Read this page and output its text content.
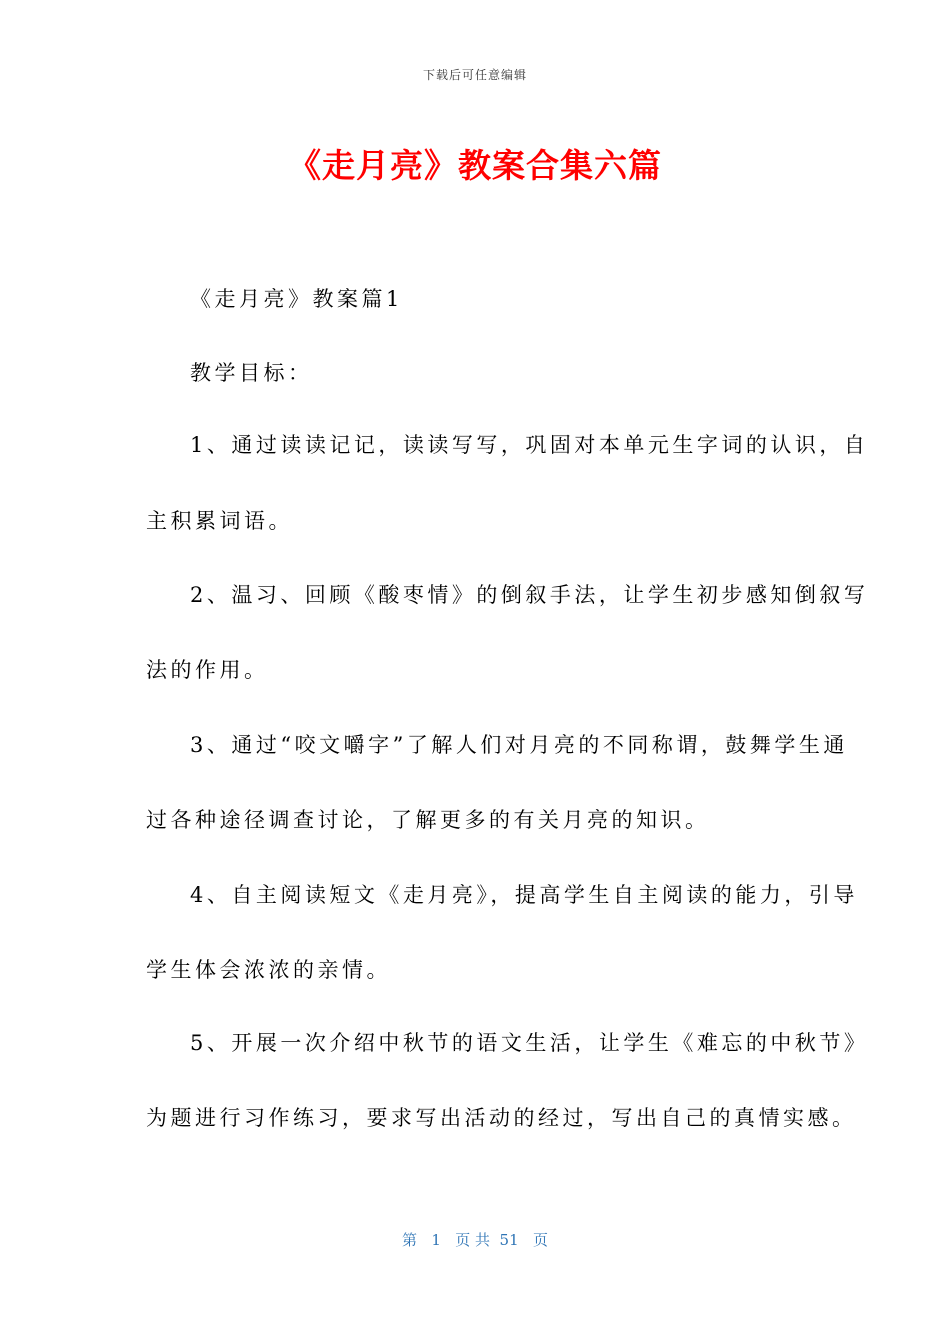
下载后可任意编辑
《走月亮》教案合集六篇
《走月亮》教案篇1
教学目标：
1、通过读读记记，读读写写，巩固对本单元生字词的认识，自
主积累词语。
2、温习、回顾《酸枣情》的倒叙手法，让学生初步感知倒叙写
法的作用。
3、通过“咬文嚼字”了解人们对月亮的不同称谓，鼓舞学生通
过各种途径调查讨论，了解更多的有关月亮的知识。
4、自主阅读短文《走月亮》，提高学生自主阅读的能力，引导
学生体会浓浓的亲情。
5、开展一次介绍中秋节的语文生活，让学生《难忘的中秋节》
为题进行习作练习，要求写出活动的经过，写出自己的真情实感。
第 1 页 共 51 页
